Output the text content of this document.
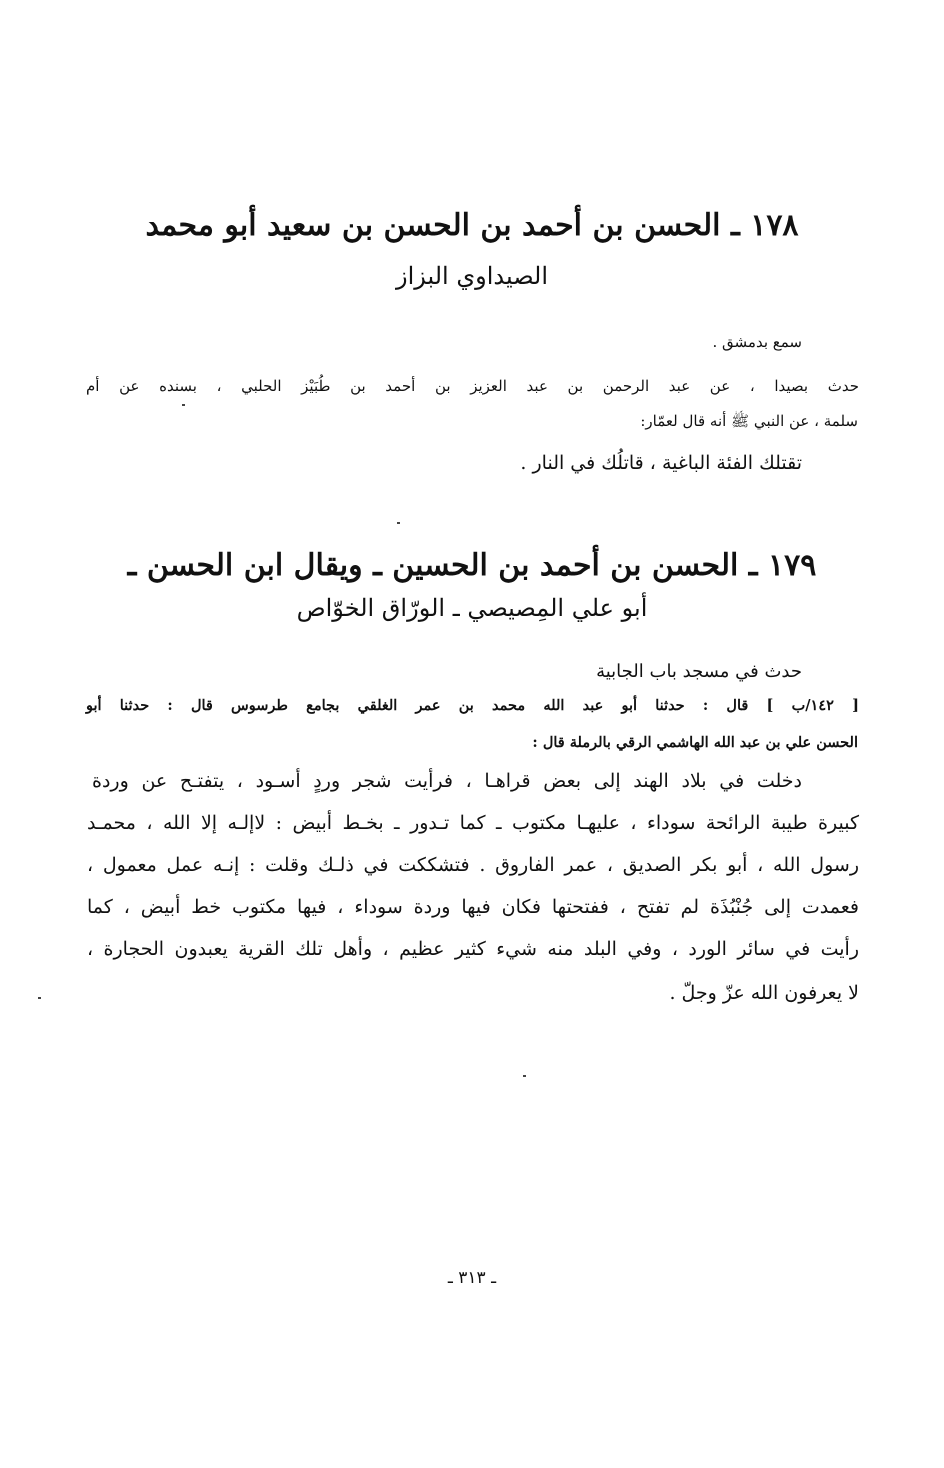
١٧٨ ـ الحسن بن أحمد بن الحسن بن سعيد أبو محمد
الصيداوي البزاز
سمع بدمشق .
حدث بصيدا ، عن عبد الرحمن بن عبد العزيز بن أحمد بن طُبَيْز الحلبي ، بسنده عن أم
سلمة ، عن النبي ﷺ أنه قال لعمّار:
تقتلك الفئة الباغية ، قاتلُك في النار .
١٧٩ ـ الحسن بن أحمد بن الحسين ـ ويقال ابن الحسن ـ
أبو علي المِصيصي ـ الورّاق الخوّاص
حدث في مسجد باب الجابية
[ ١٤٢/ب ] قال : حدثنا أبو عبد الله محمد بن عمر الغلقي بجامع طرسوس قال : حدثنا أبو
الحسن علي بن عبد الله الهاشمي الرقي بالرملة قال :
دخلت في بلاد الهند إلى بعض قراهـا ، فرأيت شجر وردٍ أسـود ، يتفتـح عن وردة
كبيرة طيبة الرائحة سوداء ، عليهـا مكتوب ـ كما تـدور ـ بخـط أبيض : لاإلـه إلا الله ، محمـد
رسول الله ، أبو بكر الصديق ، عمر الفاروق . فتشككت في ذلـك وقلت : إنـه عمل معمول ،
فعمدت إلى جُنْبُذَة لم تفتح ، ففتحتها فكان فيها وردة سوداء ، فيها مكتوب خط أبيض ، كما
رأيت في سائر الورد ، وفي البلد منه شيء كثير عظيم ، وأهل تلك القرية يعبدون الحجارة ،
لا يعرفون الله عزّ وجلّ .
ـ ٣١٣ ـ
